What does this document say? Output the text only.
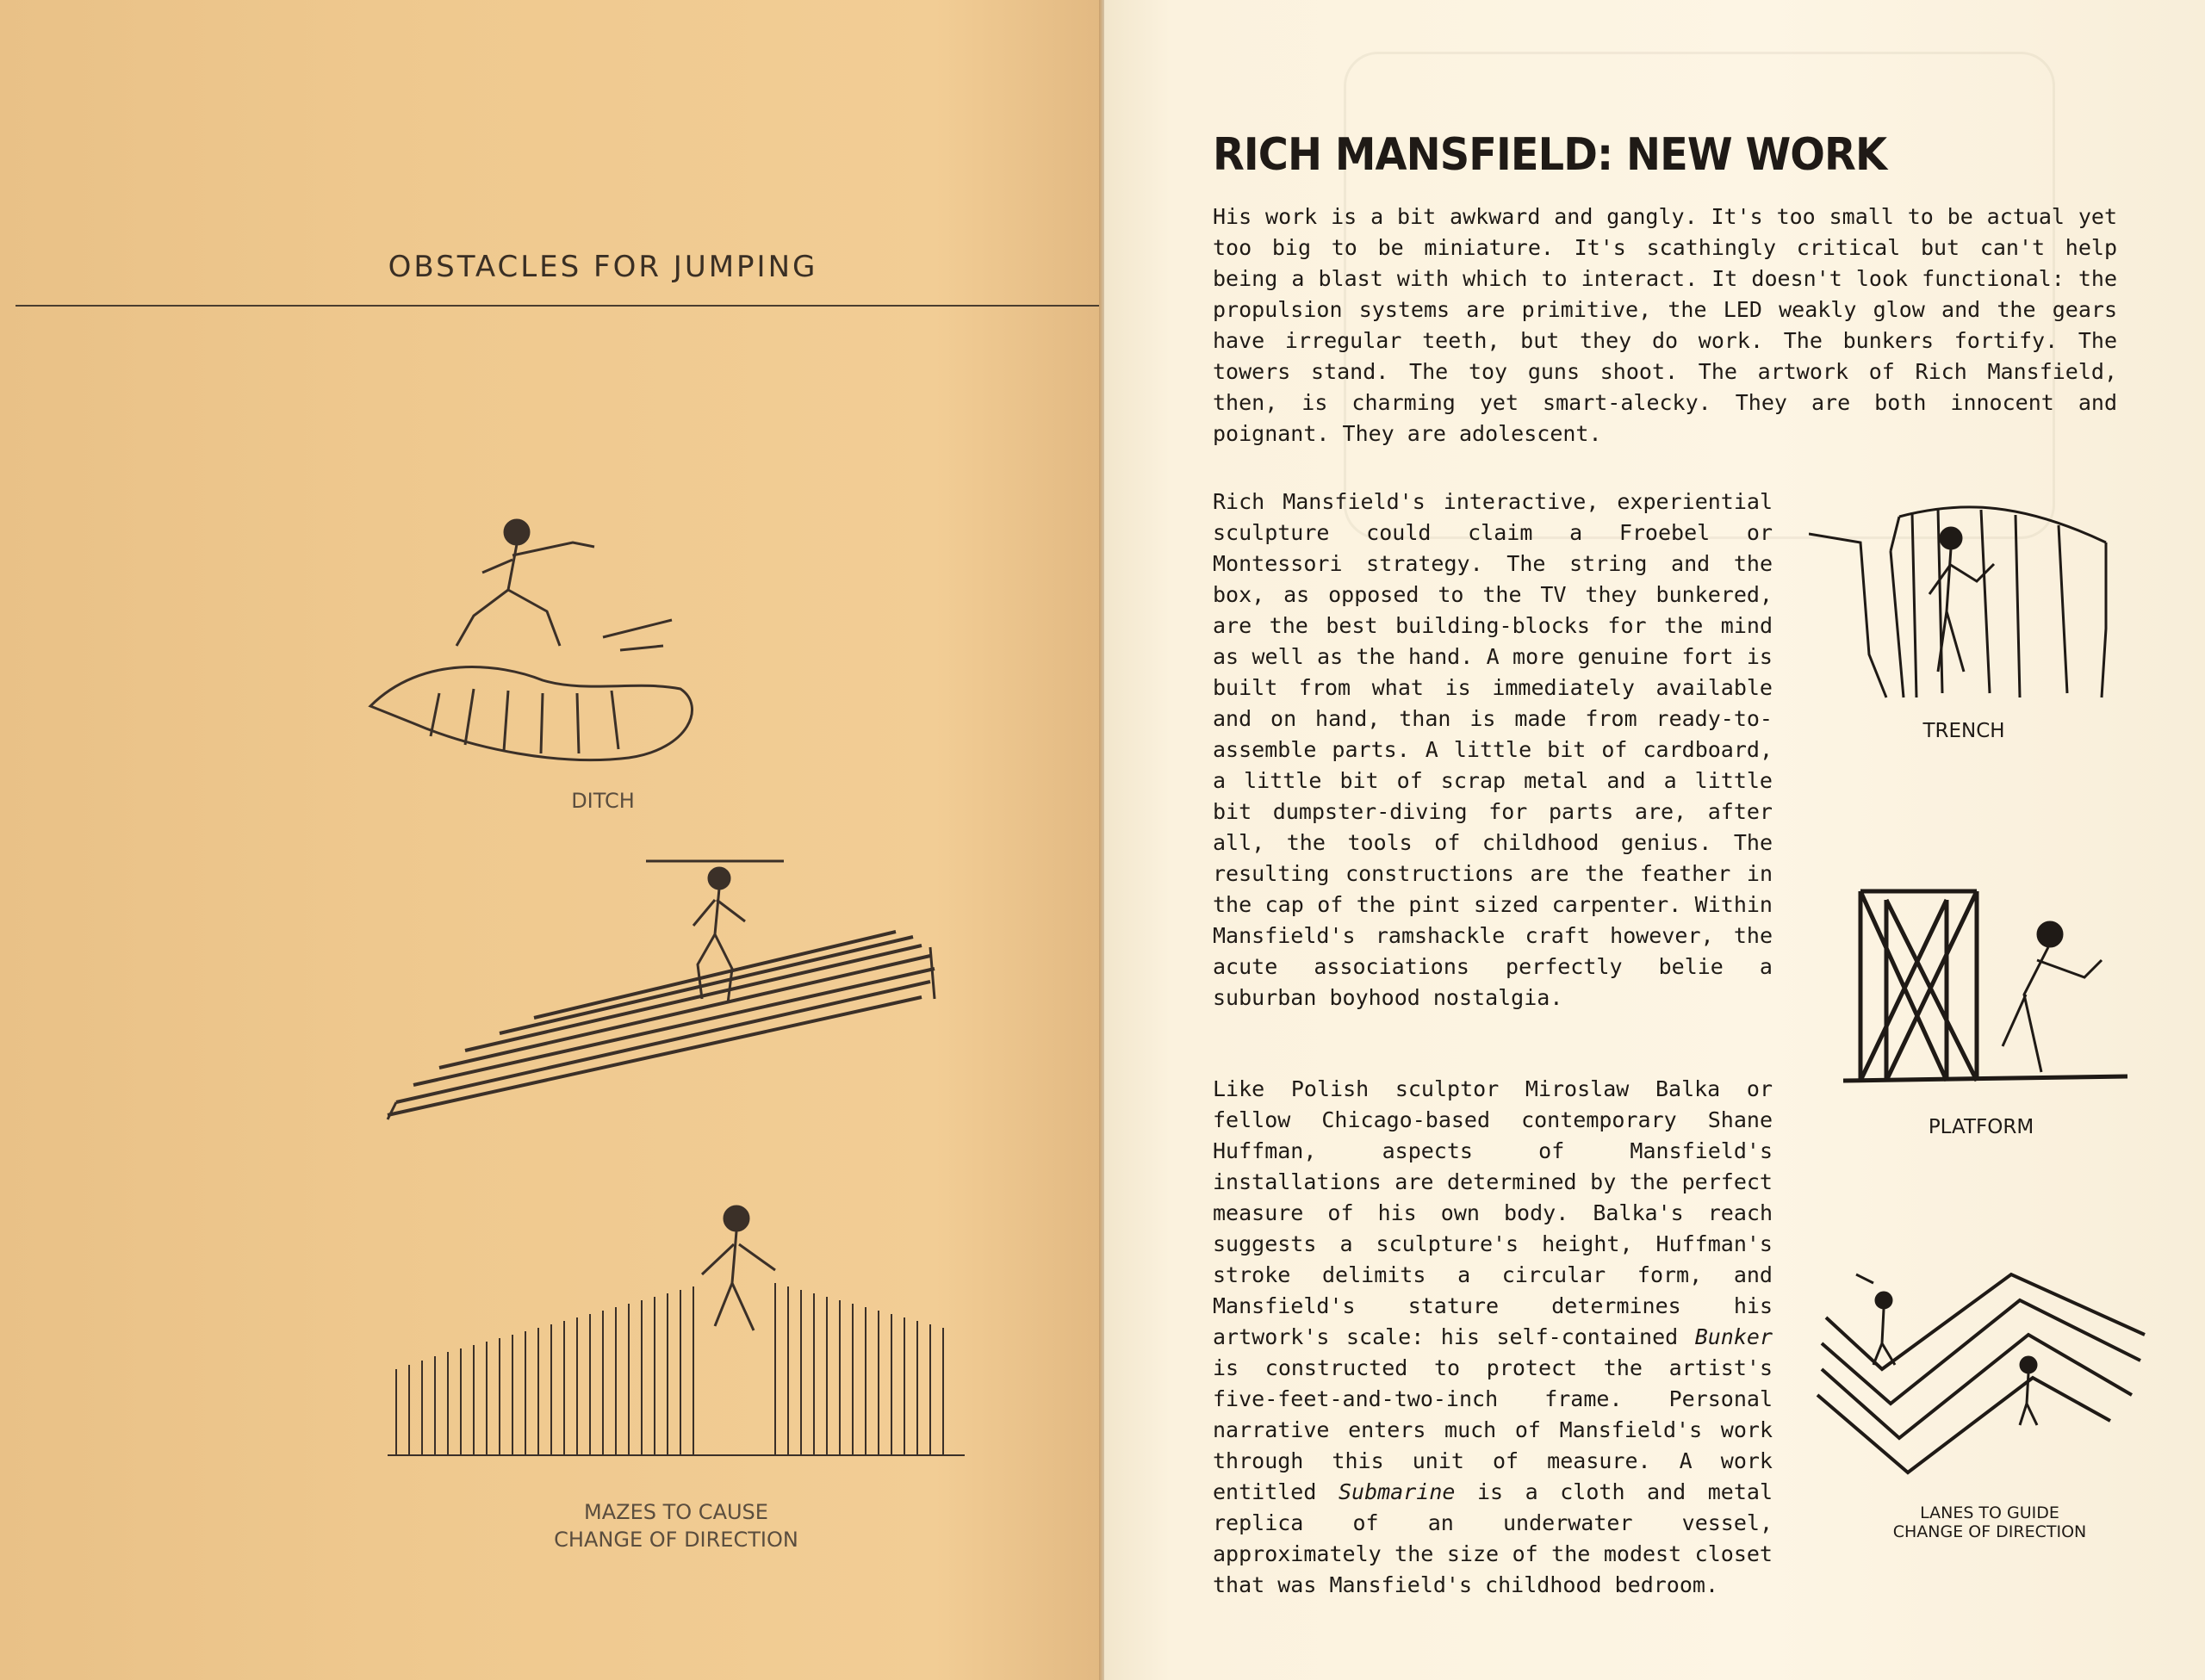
OBSTACLES FOR JUMPING
DITCH
MAZES TO CAUSE
CHANGE OF DIRECTION
RICH MANSFIELD: NEW WORK
His work is a bit awkward and gangly. It's too small to be actual yet too big to be miniature. It's scathingly critical but can't help being a blast with which to interact. It doesn't look functional: the propulsion systems are primitive, the LED weakly glow and the gears have irregular teeth, but they do work. The bunkers fortify. The towers stand. The toy guns shoot. The artwork of Rich Mansfield, then, is charming yet smart-alecky. They are both innocent and poignant. They are adolescent.
Rich Mansfield's interactive, experiential sculpture could claim a Froebel or Montessori strategy. The string and the box, as opposed to the TV they bunkered, are the best building-blocks for the mind as well as the hand. A more genuine fort is built from what is immediately available and on hand, than is made from ready-to-assemble parts. A little bit of cardboard, a little bit of scrap metal and a little bit dumpster-diving for parts are, after all, the tools of childhood genius. The resulting constructions are the feather in the cap of the pint sized carpenter. Within Mansfield's ramshackle craft however, the acute associations perfectly belie a suburban boyhood nostalgia.
Like Polish sculptor Miroslaw Balka or fellow Chicago-based contemporary Shane Huffman, aspects of Mansfield's installations are determined by the perfect measure of his own body. Balka's reach suggests a sculpture's height, Huffman's stroke delimits a circular form, and Mansfield's stature determines his artwork's scale: his self-contained Bunker is constructed to protect the artist's five-feet-and-two-inch frame. Personal narrative enters much of Mansfield's work through this unit of measure. A work entitled Submarine is a cloth and metal replica of an underwater vessel, approximately the size of the modest closet that was Mansfield's childhood bedroom.
TRENCH
PLATFORM
LANES TO GUIDE
CHANGE OF DIRECTION
